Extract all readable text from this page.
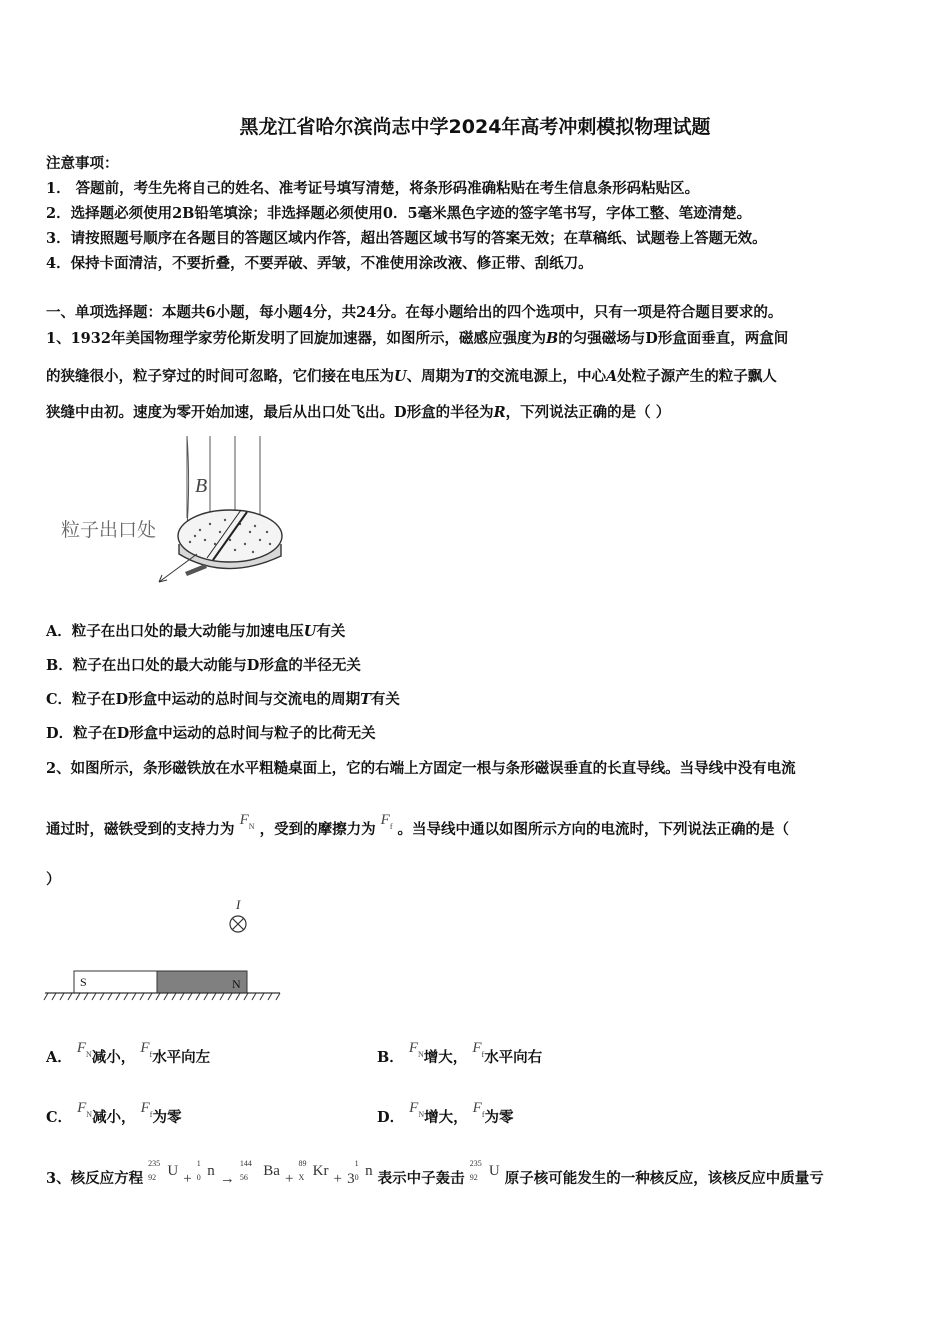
黑龙江省哈尔滨尚志中学2024年高考冲刺模拟物理试题
注意事项：
1． 答题前，考生先将自己的姓名、准考证号填写清楚，将条形码准确粘贴在考生信息条形码粘贴区。
2．选择题必须使用2B铅笔填涂；非选择题必须使用0．5毫米黑色字迹的签字笔书写，字体工整、笔迹清楚。
3．请按照题号顺序在各题目的答题区域内作答，超出答题区域书写的答案无效；在草稿纸、试题卷上答题无效。
4．保持卡面清洁，不要折叠，不要弄破、弄皱，不准使用涂改液、修正带、刮纸刀。
一、单项选择题：本题共6小题，每小题4分，共24分。在每小题给出的四个选项中，只有一项是符合题目要求的。
1、1932年美国物理学家劳伦斯发明了回旋加速器，如图所示，磁感应强度为B的匀强磁场与D形盒面垂直，两盒间
的狭缝很小，粒子穿过的时间可忽略，它们接在电压为U、周期为T的交流电源上，中心A处粒子源产生的粒子飘人
狭缝中由初。速度为零开始加速，最后从出口处飞出。D形盒的半径为R，下列说法正确的是（ ）
B
粒子出口处
A．粒子在出口处的最大动能与加速电压U有关
B．粒子在出口处的最大动能与D形盒的半径无关
C．粒子在D形盒中运动的总时间与交流电的周期T有关
D．粒子在D形盒中运动的总时间与粒子的比荷无关
2、如图所示，条形磁铁放在水平粗糙桌面上，它的右端上方固定一根与条形磁误垂直的长直导线。当导线中没有电流
通过时，磁铁受到的支持力为 $F_N$ ，受到的摩擦力为 $F_f$ 。当导线中通以如图所示方向的电流时，下列说法正确的是（
）
I
S	N
A． $F_N$减小， $F_f$水平向左	B． $F_N$增大， $F_f$水平向右
C． $F_N$减小， $F_f$为零	D． $F_N$增大， $F_f$为零
3、核反应方程
235
92 U +
1
0 n →
144
56 Ba +
89
X Kr + 3
1
0 n 表示中子轰击
235
92 U 原子核可能发生的一种核反应，该核反应中质量亏
